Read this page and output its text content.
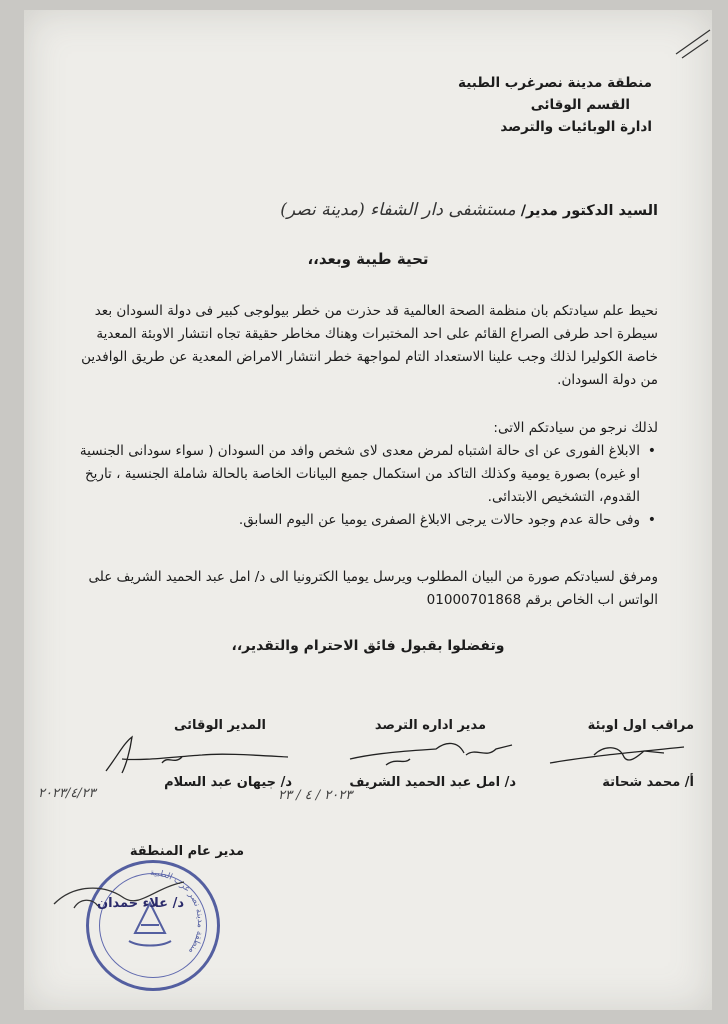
منطقة مدينة نصرغرب الطبية
القسم الوقائى
ادارة الوبائيات والترصد
السيد الدكتور مدير/ مستشفى دار الشفاء (مدينة نصر)
تحية طيبة وبعد،،
نحيط علم سيادتكم بان منظمة الصحة العالمية قد حذرت من خطر بيولوجى كبير فى دولة السودان بعد سيطرة احد طرفى الصراع القائم على احد المختبرات وهناك مخاطر حقيقة تجاه انتشار الاوبئة المعدية خاصة الكوليرا لذلك وجب علينا الاستعداد التام لمواجهة خطر انتشار الامراض المعدية عن طريق الوافدين من دولة السودان.
لذلك نرجو من سيادتكم الاتى:
• الابلاغ الفورى عن اى حالة اشتباه لمرض معدى لاى شخص وافد من السودان ( سواء سودانى الجنسية او غيره) بصورة يومية وكذلك التاكد من استكمال جميع البيانات الخاصة بالحالة شاملة الجنسية ، تاريخ القدوم، التشخيص الابتدائى.
• وفى حالة عدم وجود حالات يرجى الابلاغ الصفرى يوميا عن اليوم السابق.
ومرفق لسيادتكم صورة من البيان المطلوب ويرسل يوميا الكترونيا الى د/ امل عبد الحميد الشريف على الواتس اب الخاص برقم 01000701868
وتفضلوا بقبول فائق الاحترام والتقدير،،
مراقب اول اوبئة
أ/ محمد شحاتة
مدير اداره الترصد
د/ امل عبد الحميد الشريف
٢٠٢٣ / ٤ / ٢٣
المدير الوقائى
د/ جيهان عبد السلام
٢٠٢٣/٤/٢٣
مدير عام المنطقة
منطقة مدينة نصر غرب الطبية
د/ علاء حمدان
